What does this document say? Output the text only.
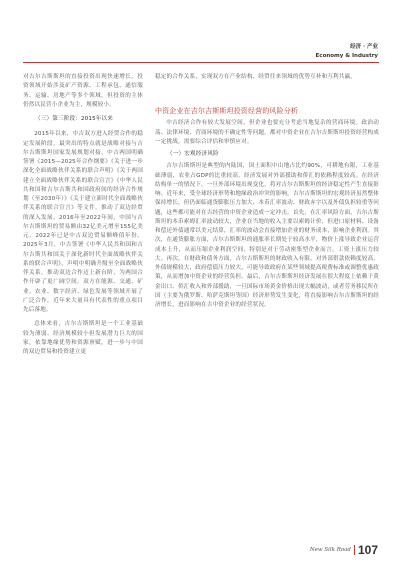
经济 · 产业
Economy & Industry

对吉尔吉斯斯坦的直接投资出现快速增长，投资领域开始涉及矿产资源、工程承包、通信服务、运输、房地产等多个领域，但投资的主体仍然以民营小企业为主，规模较小。

（三）第三阶段：2015年以来

2015年以来，中吉双方进入经贸合作的稳定发展阶段。最突出的特点就是战略对接与吉尔吉斯斯坦国家发展规划对接。中吉两国明确签署《2015—2025年合作纲要》《关于进一步深化全面战略伙伴关系的联合声明》《关于两国建立全面战略伙伴关系的联合宣言》《中华人民共和国和吉尔吉斯共和国政府间的经济合作规划（至2030年）》《关于建立新时代全面战略伙伴关系的联合宣言》等文件，推动了双边经贸的深入发展。2016年至2022年间，中国与吉尔吉斯斯坦的贸易额由32亿美元增至155亿美元，2022年已是中吉双边贸易额峰值年份。2025年3月，中吉签署《中华人民共和国和吉尔吉斯共和国关于深化新时代全面战略伙伴关系的联合声明》，声明中明确升级至全面战略伙伴关系，推动双边合作迈上新台阶，为两国合作开辟了更广阔空间。双方在能源、交通、矿业、农业、数字经济、绿色发展等领域开展了广泛合作，近年来大量具有代表性的重点项目先后落地。

总体来看，吉尔吉斯斯坦是一个工业基础较为薄弱、经济规模较小但发展潜力巨大的国家，依靠地缘优势和资源禀赋，进一步与中国的双边贸易和投资建立更

稳定的合作关系，实现双方在产业结构、经贸往来领域的优势互补和互利共赢。

中资企业在吉尔吉斯斯坦投资经营的风险分析

中吉经济合作有较大发展空间，但企业也要充分考虑当地复杂的营商环境。政治动荡、法律环境、营商环境的不确定性等问题，都对中资企业在吉尔吉斯斯坦投资经营构成一定挑战，需要综合评估和审慎应对。

（一）宏观经济风险

吉尔吉斯斯坦是典型的内陆国，国土面积中山地占比约90%，可耕地有限，工业基础薄弱，农业占GDP的比重较高，经济发展对外部援助和侨汇的依赖程度较高。在经济结构单一的情况下，一旦外部环境出现变化，将对吉尔吉斯斯坦的经济稳定性产生直接影响。近年来，受全球经济形势和地缘政治冲突的影响，吉尔吉斯斯坦的宏观经济虽然整体保持增长，但仍面临通货膨胀压力加大、本币汇率波动、财政赤字以及外债负担较重等问题，这些都可能对在吉经营的中资企业造成一定冲击。首先，在汇率风险方面，吉尔吉斯斯坦的本币索姆汇率波动较大，企业在当地的收入主要以索姆计价，但进口原材料、设备和偿还外债通常以美元结算，汇率的波动会直接增加企业的财务成本，影响企业利润。其次，在通货膨胀方面，吉尔吉斯斯坦的通胀率长期处于较高水平，物价上涨导致企业运营成本上升，从而压缩企业利润空间，特别是对于劳动密集型企业而言，工资上涨压力较大。再次，在财政和债务方面，吉尔吉斯斯坦的财政收入有限，对外部借款依赖度较高，外债规模较大，政府偿债压力较大，可能导致政府在某些领域提高税费标准或调整优惠政策，从而增加中资企业的经营负担。最后，吉尔吉斯斯坦经济发展在很大程度上依赖于黄金出口、侨汇收入和外部援助，一旦国际市场黄金价格出现大幅波动，或者劳务移民所在国（主要为俄罗斯、哈萨克斯坦等国）经济形势发生变化，将直接影响吉尔吉斯斯坦的经济增长，进而影响在吉中资企业的经营状况。

New Silk Road 107
